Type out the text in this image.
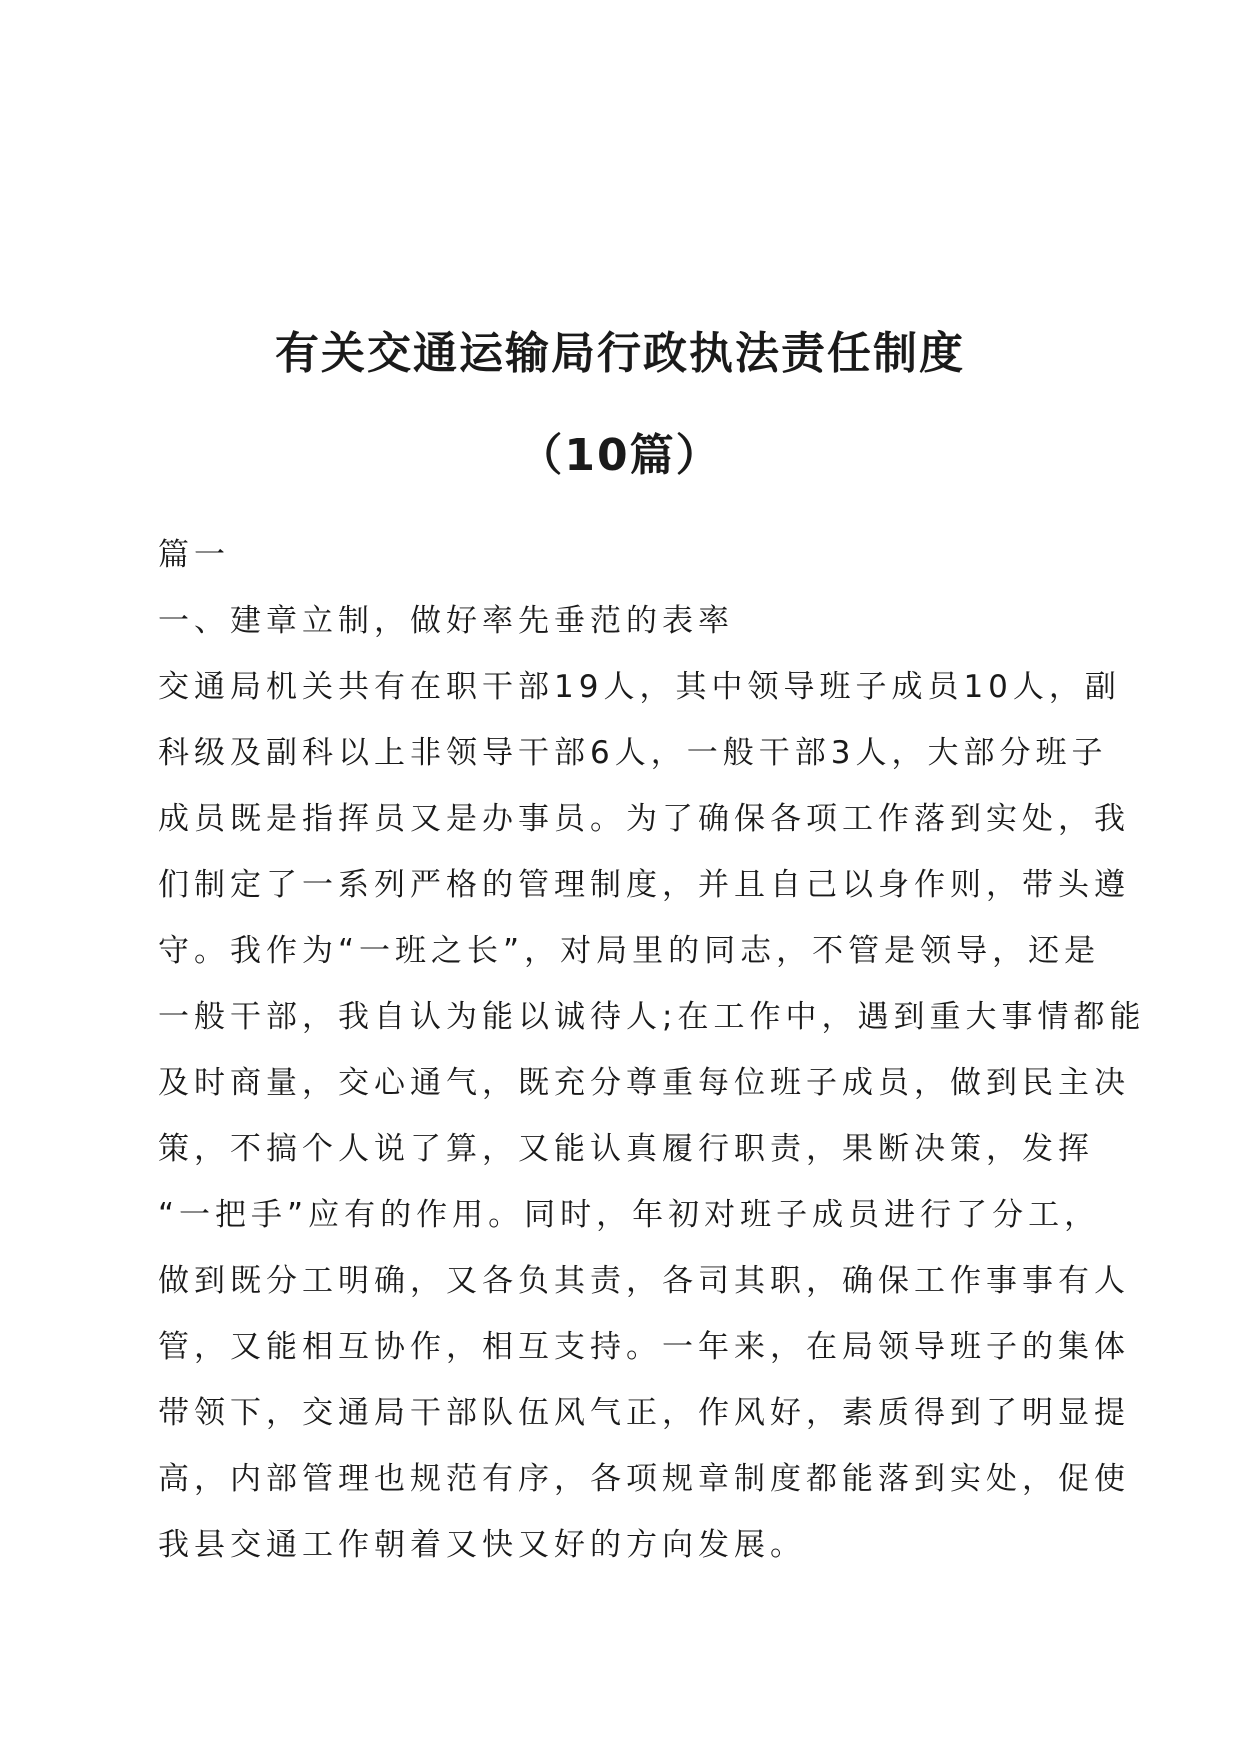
有关交通运输局行政执法责任制度
（10篇）

篇一

一、建章立制，做好率先垂范的表率

交通局机关共有在职干部19人，其中领导班子成员10人，副
科级及副科以上非领导干部6人，一般干部3人，大部分班子
成员既是指挥员又是办事员。为了确保各项工作落到实处，我
们制定了一系列严格的管理制度，并且自己以身作则，带头遵
守。我作为“一班之长”，对局里的同志，不管是领导，还是
一般干部，我自认为能以诚待人;在工作中，遇到重大事情都能
及时商量，交心通气，既充分尊重每位班子成员，做到民主决
策，不搞个人说了算，又能认真履行职责，果断决策，发挥
“一把手”应有的作用。同时，年初对班子成员进行了分工，
做到既分工明确，又各负其责，各司其职，确保工作事事有人
管，又能相互协作，相互支持。一年来，在局领导班子的集体
带领下，交通局干部队伍风气正，作风好，素质得到了明显提
高，内部管理也规范有序，各项规章制度都能落到实处，促使
我县交通工作朝着又快又好的方向发展。
